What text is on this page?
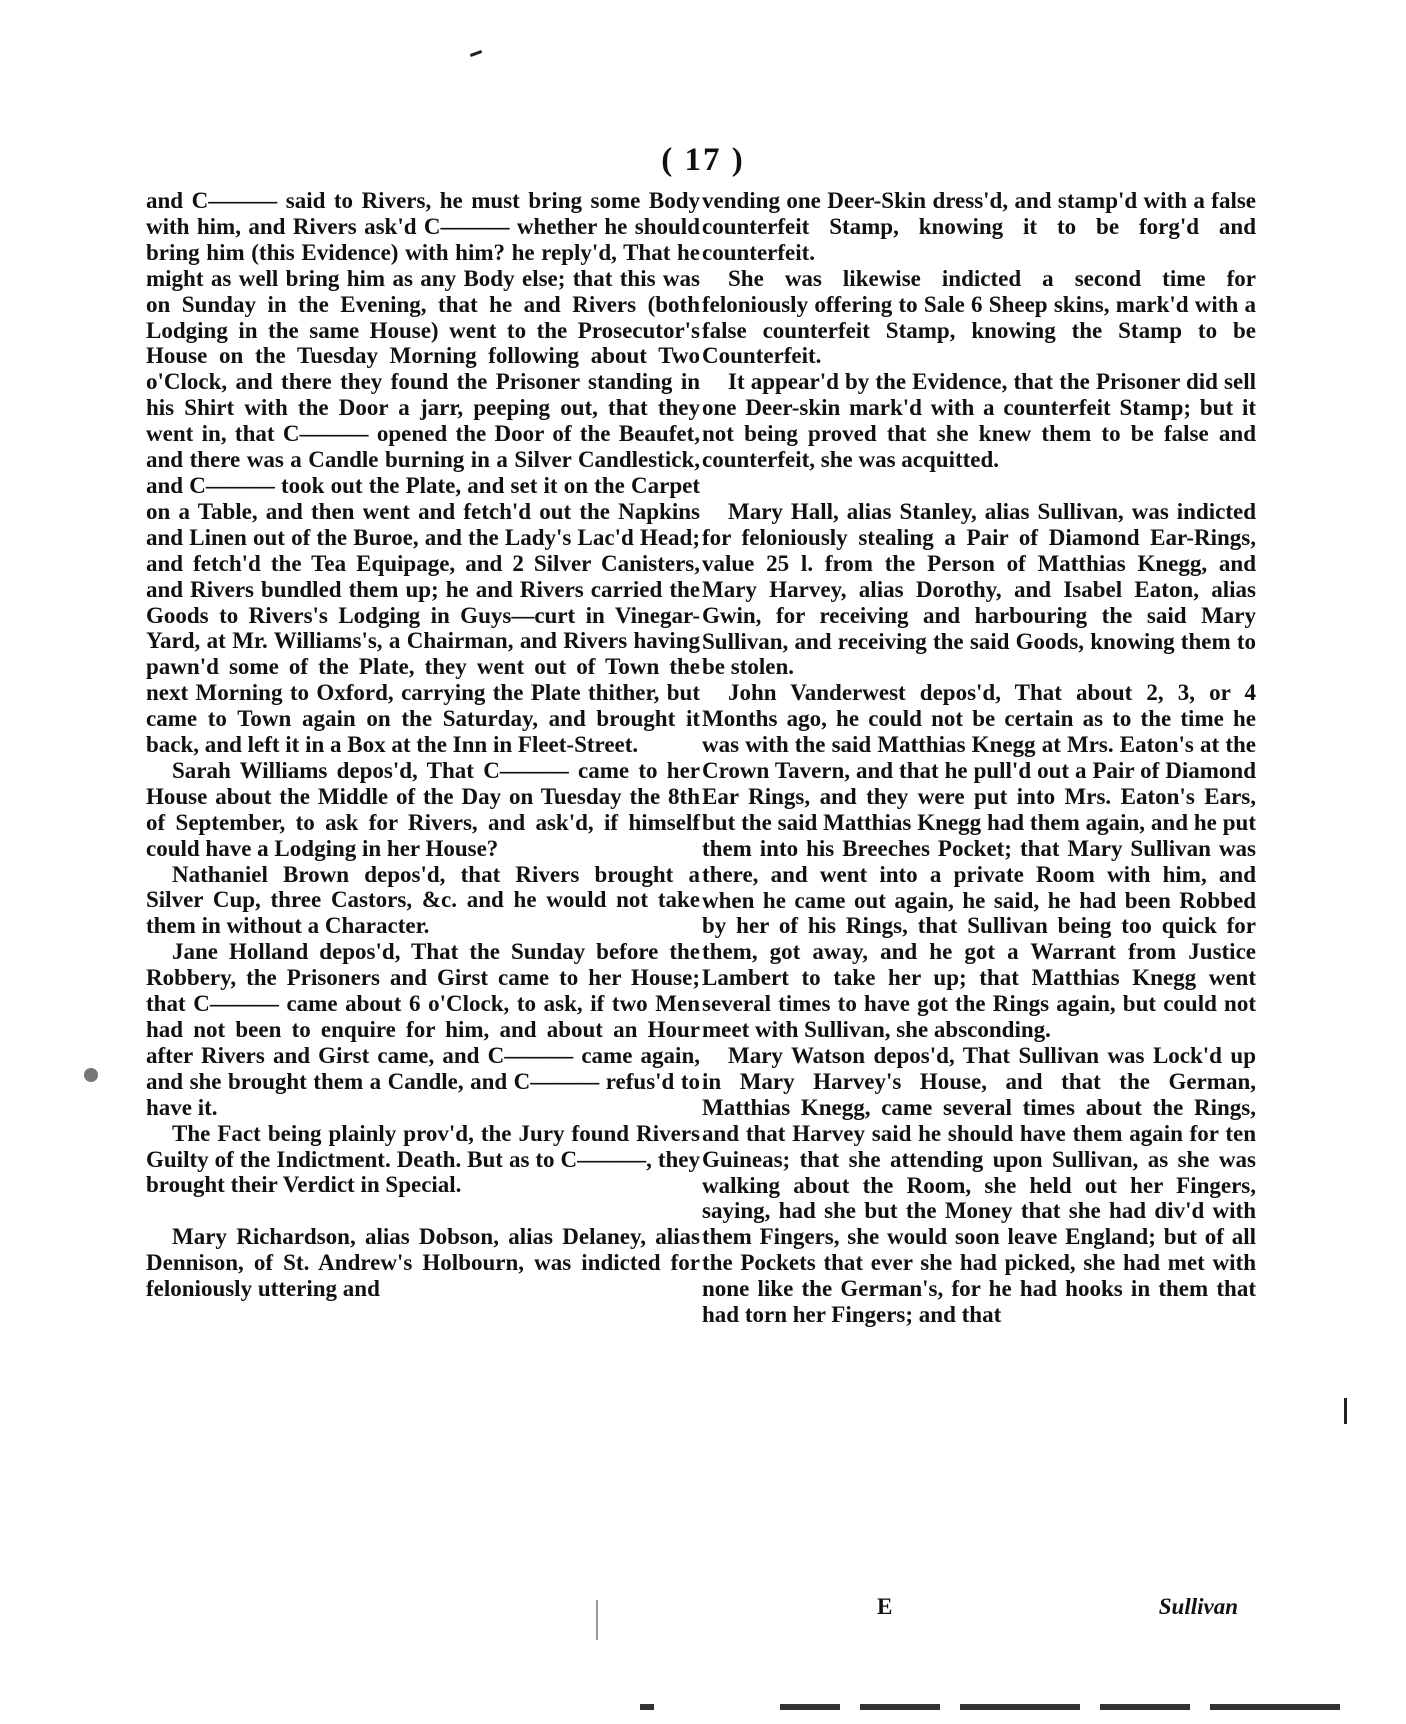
( 17 )

and C——— said to Rivers, he must bring some Body with him, and Rivers ask'd C——— whether he should bring him (this Evidence) with him? he reply'd, That he might as well bring him as any Body else; that this was on Sunday in the Evening, that he and Rivers (both Lodging in the same House) went to the Prosecutor's House on the Tuesday Morning following about Two o'Clock, and there they found the Prisoner standing in his Shirt with the Door a jarr, peeping out, that they went in, that C——— opened the Door of the Beaufet, and there was a Candle burning in a Silver Candlestick, and C——— took out the Plate, and set it on the Carpet on a Table, and then went and fetch'd out the Napkins and Linen out of the Buroe, and the Lady's Lac'd Head; and fetch'd the Tea Equipage, and 2 Silver Canisters, and Rivers bundled them up; he and Rivers carried the Goods to Rivers's Lodging in Guys—curt in Vinegar-Yard, at Mr. Williams's, a Chairman, and Rivers having pawn'd some of the Plate, they went out of Town the next Morning to Oxford, carrying the Plate thither, but came to Town again on the Saturday, and brought it back, and left it in a Box at the Inn in Fleet-Street.

Sarah Williams depos'd, That C——— came to her House about the Middle of the Day on Tuesday the 8th of September, to ask for Rivers, and ask'd, if himself could have a Lodging in her House?

Nathaniel Brown depos'd, that Rivers brought a Silver Cup, three Castors, &c. and he would not take them in without a Character.

Jane Holland depos'd, That the Sunday before the Robbery, the Prisoners and Girst came to her House; that C——— came about 6 o'Clock, to ask, if two Men had not been to enquire for him, and about an Hour after Rivers and Girst came, and C——— came again, and she brought them a Candle, and C——— refus'd to have it.

The Fact being plainly prov'd, the Jury found Rivers Guilty of the Indictment. Death. But as to C———, they brought their Verdict in Special.

Mary Richardson, alias Dobson, alias Delaney, alias Dennison, of St. Andrew's Holbourn, was indicted for feloniously uttering and

vending one Deer-Skin dress'd, and stamp'd with a false counterfeit Stamp, knowing it to be forg'd and counterfeit.

She was likewise indicted a second time for feloniously offering to Sale 6 Sheep skins, mark'd with a false counterfeit Stamp, knowing the Stamp to be Counterfeit.

It appear'd by the Evidence, that the Prisoner did sell one Deer-skin mark'd with a counterfeit Stamp; but it not being proved that she knew them to be false and counterfeit, she was acquitted.

Mary Hall, alias Stanley, alias Sullivan, was indicted for feloniously stealing a Pair of Diamond Ear-Rings, value 25 l. from the Person of Matthias Knegg, and Mary Harvey, alias Dorothy, and Isabel Eaton, alias Gwin, for receiving and harbouring the said Mary Sullivan, and receiving the said Goods, knowing them to be stolen.

John Vanderwest depos'd, That about 2, 3, or 4 Months ago, he could not be certain as to the time he was with the said Matthias Knegg at Mrs. Eaton's at the Crown Tavern, and that he pull'd out a Pair of Diamond Ear Rings, and they were put into Mrs. Eaton's Ears, but the said Matthias Knegg had them again, and he put them into his Breeches Pocket; that Mary Sullivan was there, and went into a private Room with him, and when he came out again, he said, he had been Robbed by her of his Rings, that Sullivan being too quick for them, got away, and he got a Warrant from Justice Lambert to take her up; that Matthias Knegg went several times to have got the Rings again, but could not meet with Sullivan, she absconding.

Mary Watson depos'd, That Sullivan was Lock'd up in Mary Harvey's House, and that the German, Matthias Knegg, came several times about the Rings, and that Harvey said he should have them again for ten Guineas; that she attending upon Sullivan, as she was walking about the Room, she held out her Fingers, saying, had she but the Money that she had div'd with them Fingers, she would soon leave England; but of all the Pockets that ever she had picked, she had met with none like the German's, for he had hooks in them that had torn her Fingers; and that

E	Sullivan
